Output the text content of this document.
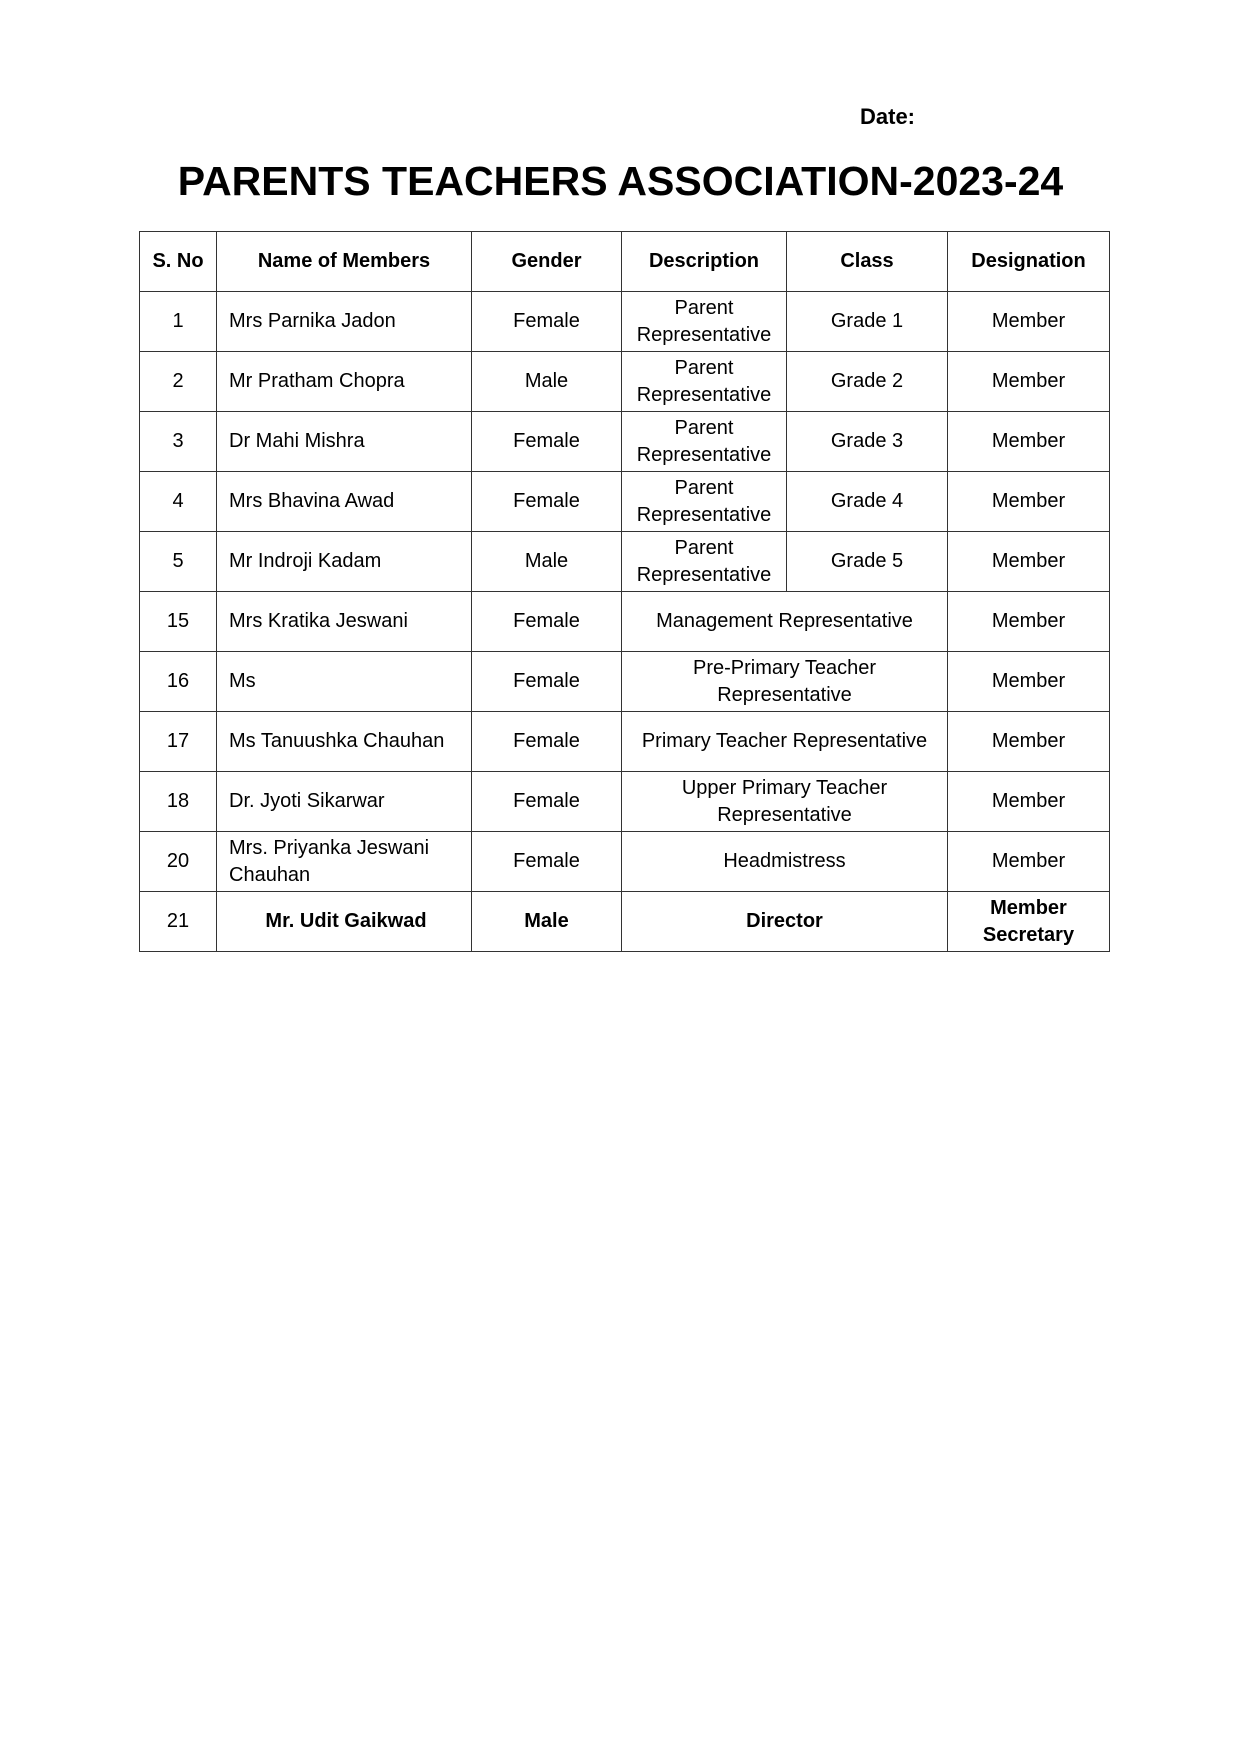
Date:
PARENTS TEACHERS ASSOCIATION-2023-24
S. No	Name of Members	Gender	Description	Class	Designation
1	Mrs Parnika Jadon	Female	Parent Representative	Grade 1	Member
2	Mr Pratham Chopra	Male	Parent Representative	Grade 2	Member
3	Dr Mahi Mishra	Female	Parent Representative	Grade 3	Member
4	Mrs Bhavina Awad	Female	Parent Representative	Grade 4	Member
5	Mr Indroji Kadam	Male	Parent Representative	Grade 5	Member
15	Mrs Kratika Jeswani	Female	Management Representative		Member
16	Ms	Female	Pre-Primary Teacher Representative		Member
17	Ms Tanuushka Chauhan	Female	Primary Teacher Representative		Member
18	Dr. Jyoti Sikarwar	Female	Upper Primary Teacher Representative		Member
20	Mrs. Priyanka Jeswani Chauhan	Female	Headmistress		Member
21	Mr. Udit Gaikwad	Male	Director		Member Secretary
